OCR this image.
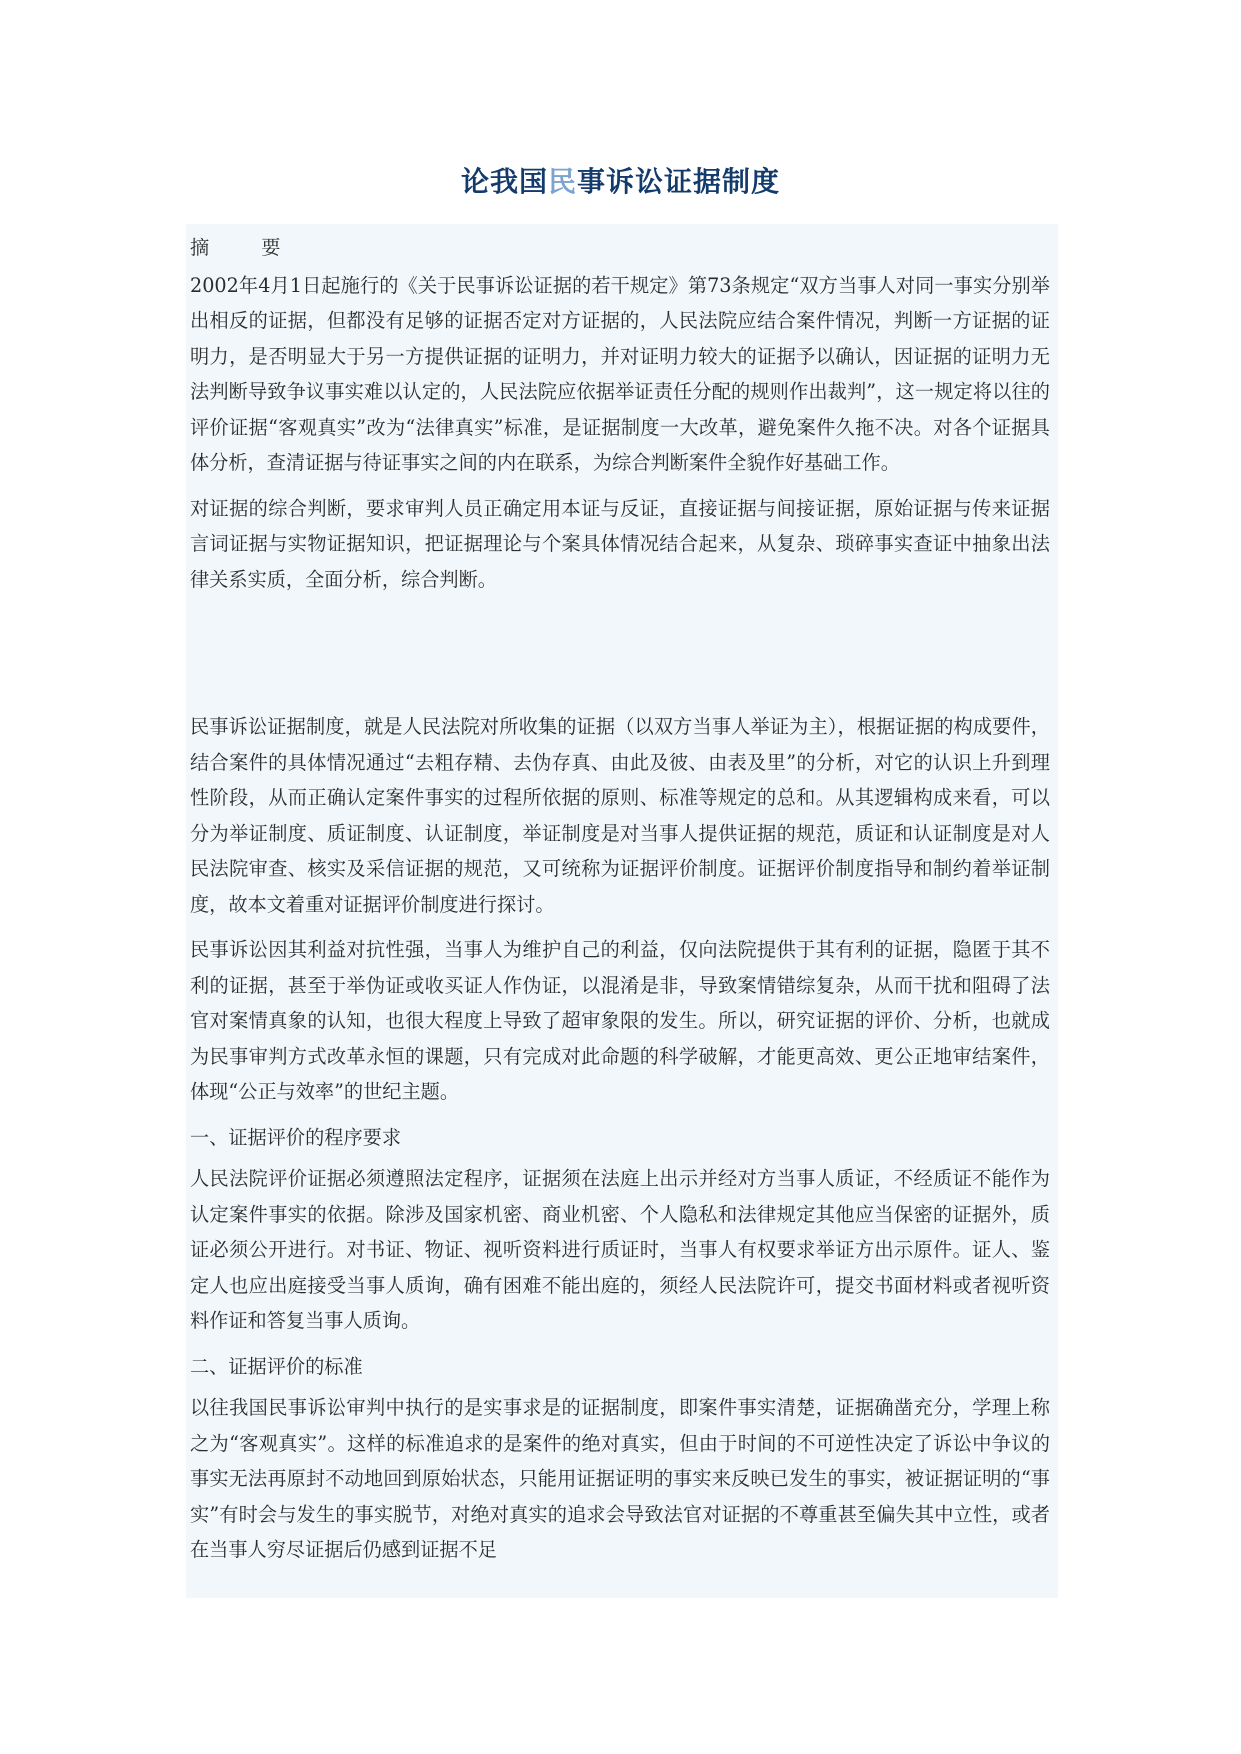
论我国民事诉讼证据制度

摘	要

2002年4月1日起施行的《关于民事诉讼证据的若干规定》第73条规定“双方当事人对同一事实分别举出相反的证据，但都没有足够的证据否定对方证据的，人民法院应结合案件情况，判断一方证据的证明力，是否明显大于另一方提供证据的证明力，并对证明力较大的证据予以确认，因证据的证明力无法判断导致争议事实难以认定的，人民法院应依据举证责任分配的规则作出裁判”，这一规定将以往的评价证据“客观真实”改为“法律真实”标准，是证据制度一大改革，避免案件久拖不决。对各个证据具体分析，查清证据与待证事实之间的内在联系，为综合判断案件全貌作好基础工作。

对证据的综合判断，要求审判人员正确定用本证与反证，直接证据与间接证据，原始证据与传来证据言词证据与实物证据知识，把证据理论与个案具体情况结合起来，从复杂、琐碎事实查证中抽象出法律关系实质，全面分析，综合判断。

民事诉讼证据制度，就是人民法院对所收集的证据（以双方当事人举证为主），根据证据的构成要件，结合案件的具体情况通过“去粗存精、去伪存真、由此及彼、由表及里”的分析，对它的认识上升到理性阶段，从而正确认定案件事实的过程所依据的原则、标准等规定的总和。从其逻辑构成来看，可以分为举证制度、质证制度、认证制度，举证制度是对当事人提供证据的规范，质证和认证制度是对人民法院审查、核实及采信证据的规范，又可统称为证据评价制度。证据评价制度指导和制约着举证制度，故本文着重对证据评价制度进行探讨。

民事诉讼因其利益对抗性强，当事人为维护自己的利益，仅向法院提供于其有利的证据，隐匿于其不利的证据，甚至于举伪证或收买证人作伪证，以混淆是非，导致案情错综复杂，从而干扰和阻碍了法官对案情真象的认知，也很大程度上导致了超审象限的发生。所以，研究证据的评价、分析，也就成为民事审判方式改革永恒的课题，只有完成对此命题的科学破解，才能更高效、更公正地审结案件，体现“公正与效率”的世纪主题。

一、证据评价的程序要求

人民法院评价证据必须遵照法定程序，证据须在法庭上出示并经对方当事人质证，不经质证不能作为认定案件事实的依据。除涉及国家机密、商业机密、个人隐私和法律规定其他应当保密的证据外，质证必须公开进行。对书证、物证、视听资料进行质证时，当事人有权要求举证方出示原件。证人、鉴定人也应出庭接受当事人质询，确有困难不能出庭的，须经人民法院许可，提交书面材料或者视听资料作证和答复当事人质询。

二、证据评价的标准

以往我国民事诉讼审判中执行的是实事求是的证据制度，即案件事实清楚，证据确凿充分，学理上称之为“客观真实”。这样的标准追求的是案件的绝对真实，但由于时间的不可逆性决定了诉讼中争议的事实无法再原封不动地回到原始状态，只能用证据证明的事实来反映已发生的事实，被证据证明的“事实”有时会与发生的事实脱节，对绝对真实的追求会导致法官对证据的不尊重甚至偏失其中立性，或者在当事人穷尽证据后仍感到证据不足
